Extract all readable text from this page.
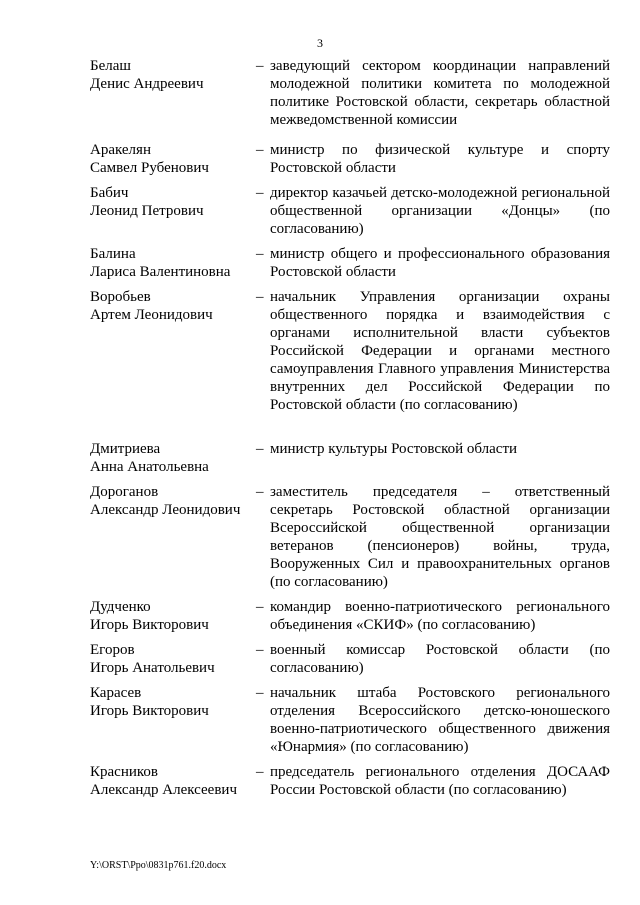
3
Белаш
Денис Андреевич
– заведующий сектором координации направлений молодежной политики комитета по молодежной политике Ростовской области, секретарь областной межведомственной комиссии
Аракелян
Самвел Рубенович
– министр по физической культуре и спорту Ростовской области
Бабич
Леонид Петрович
– директор казачьей детско-молодежной региональной общественной организации «Донцы» (по согласованию)
Балина
Лариса Валентиновна
– министр общего и профессионального образования Ростовской области
Воробьев
Артем Леонидович
– начальник Управления организации охраны общественного порядка и взаимодействия с органами исполнительной власти субъектов Российской Федерации и органами местного самоуправления Главного управления Министерства внутренних дел Российской Федерации по Ростовской области (по согласованию)
Дмитриева
Анна Анатольевна
– министр культуры Ростовской области
Дорoганов
Александр Леонидович
– заместитель председателя – ответственный секретарь Ростовской областной организации Всероссийской общественной организации ветеранов (пенсионеров) войны, труда, Вооруженных Сил и правоохранительных органов (по согласованию)
Дудченко
Игорь Викторович
– командир военно-патриотического регионального объединения «СКИФ» (по согласованию)
Егоров
Игорь Анатольевич
– военный комиссар Ростовской области (по согласованию)
Карасев
Игорь Викторович
– начальник штаба Ростовского регионального отделения Всероссийского детско-юношеского военно-патриотического общественного движения «Юнармия» (по согласованию)
Красников
Александр Алексеевич
– председатель регионального отделения ДОСААФ России Ростовской области (по согласованию)
Y:\ORST\Ppo\0831p761.f20.docx
